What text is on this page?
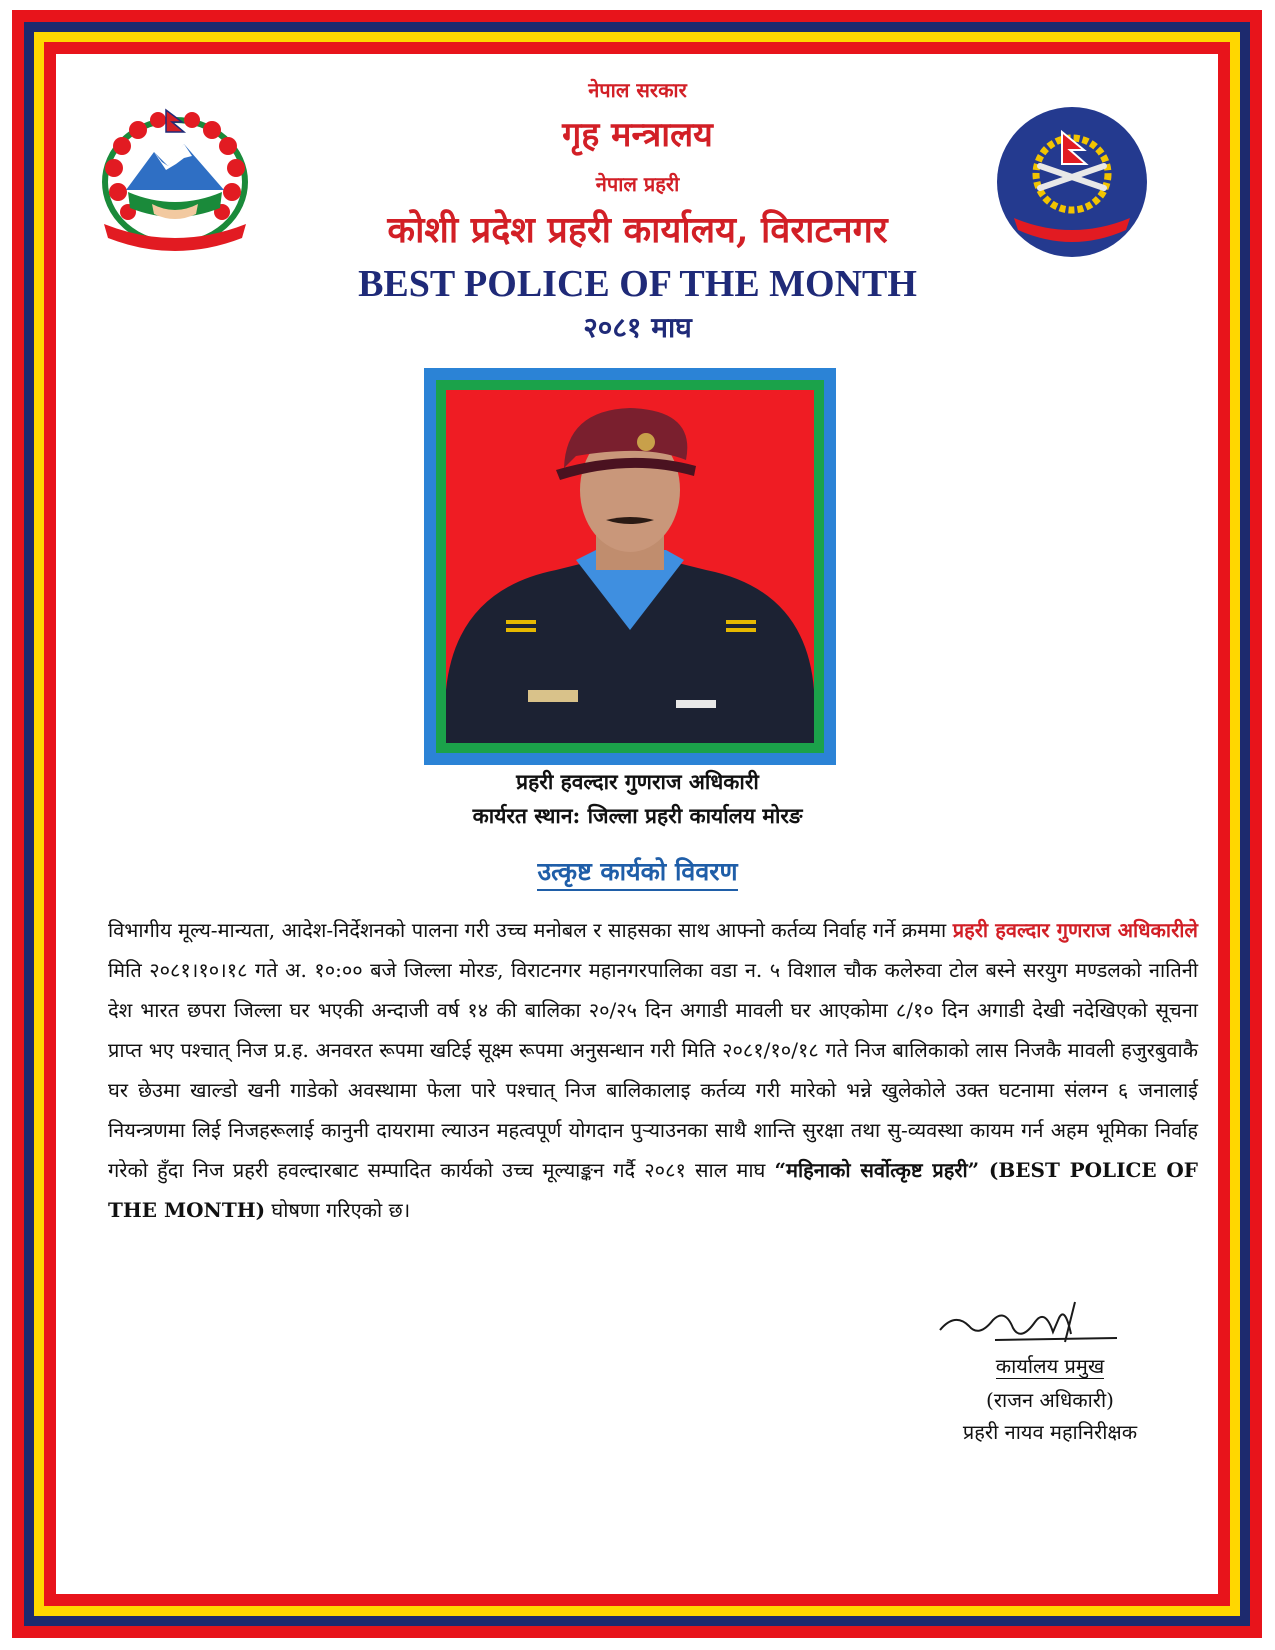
नेपाल सरकार
गृह मन्त्रालय
नेपाल प्रहरी
कोशी प्रदेश प्रहरी कार्यालय, विराटनगर
BEST POLICE OF THE MONTH
२०८१ माघ
प्रहरी हवल्दार गुणराज अधिकारी
कार्यरत स्थान: जिल्ला प्रहरी कार्यालय मोरङ
उत्कृष्ट कार्यको विवरण
विभागीय मूल्य-मान्यता, आदेश-निर्देशनको पालना गरी उच्च मनोबल र साहसका साथ आफ्नो कर्तव्य निर्वाह गर्ने क्रममा प्रहरी हवल्दार गुणराज अधिकारीले मिति २०८१।१०।१८ गते अ. १०:०० बजे जिल्ला मोरङ, विराटनगर महानगरपालिका वडा न. ५ विशाल चौक कलेरुवा टोल बस्ने सरयुग मण्डलको नातिनी देश भारत छपरा जिल्ला घर भएकी अन्दाजी वर्ष १४ की बालिका २०/२५ दिन अगाडी मावली घर आएकोमा ८/१० दिन अगाडी देखी नदेखिएको सूचना प्राप्त भए पश्चात् निज प्र.ह. अनवरत रूपमा खटिई सूक्ष्म रूपमा अनुसन्धान गरी मिति २०८१/१०/१८ गते निज बालिकाको लास निजकै मावली हजुरबुवाकै घर छेउमा खाल्डो खनी गाडेको अवस्थामा फेला पारे पश्चात् निज बालिकालाइ कर्तव्य गरी मारेको भन्ने खुलेकोले उक्त घटनामा संलग्न ६ जनालाई नियन्त्रणमा लिई निजहरूलाई कानुनी दायरामा ल्याउन महत्वपूर्ण योगदान पुऱ्याउनका साथै शान्ति सुरक्षा तथा सु-व्यवस्था कायम गर्न अहम भूमिका निर्वाह गरेको हुँदा निज प्रहरी हवल्दारबाट सम्पादित कार्यको उच्च मूल्याङ्कन गर्दै २०८१ साल माघ “महिनाको सर्वोत्कृष्ट प्रहरी” (BEST POLICE OF THE MONTH) घोषणा गरिएको छ।
कार्यालय प्रमुख
(राजन अधिकारी)
प्रहरी नायव महानिरीक्षक
